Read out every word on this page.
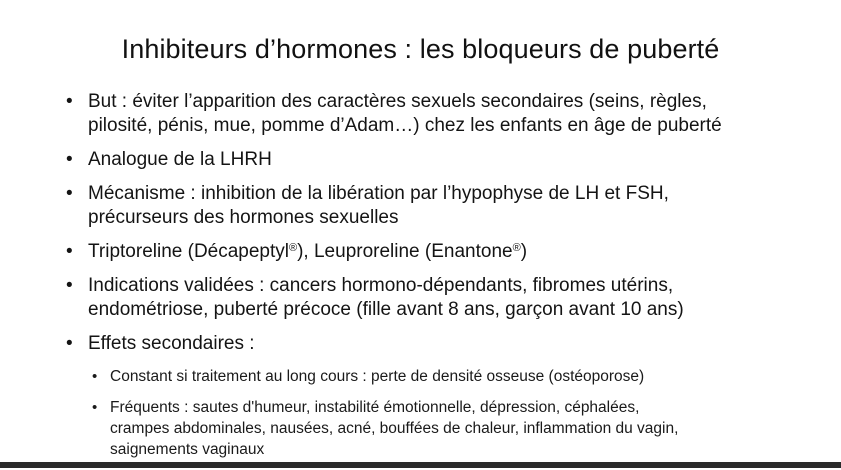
Inhibiteurs d’hormones : les bloqueurs de puberté
• But : éviter l’apparition des caractères sexuels secondaires (seins, règles,
pilosité, pénis, mue, pomme d’Adam…) chez les enfants en âge de puberté
• Analogue de la LHRH
• Mécanisme : inhibition de la libération par l’hypophyse de LH et FSH,
précurseurs des hormones sexuelles
• Triptoreline (Décapeptyl®), Leuproreline (Enantone®)
• Indications validées : cancers hormono-dépendants, fibromes utérins,
endométriose, puberté précoce (fille avant 8 ans, garçon avant 10 ans)
• Effets secondaires :
• Constant si traitement au long cours : perte de densité osseuse (ostéoporose)
• Fréquents : sautes d'humeur, instabilité émotionnelle, dépression, céphalées,
crampes abdominales, nausées, acné, bouffées de chaleur, inflammation du vagin,
saignements vaginaux
